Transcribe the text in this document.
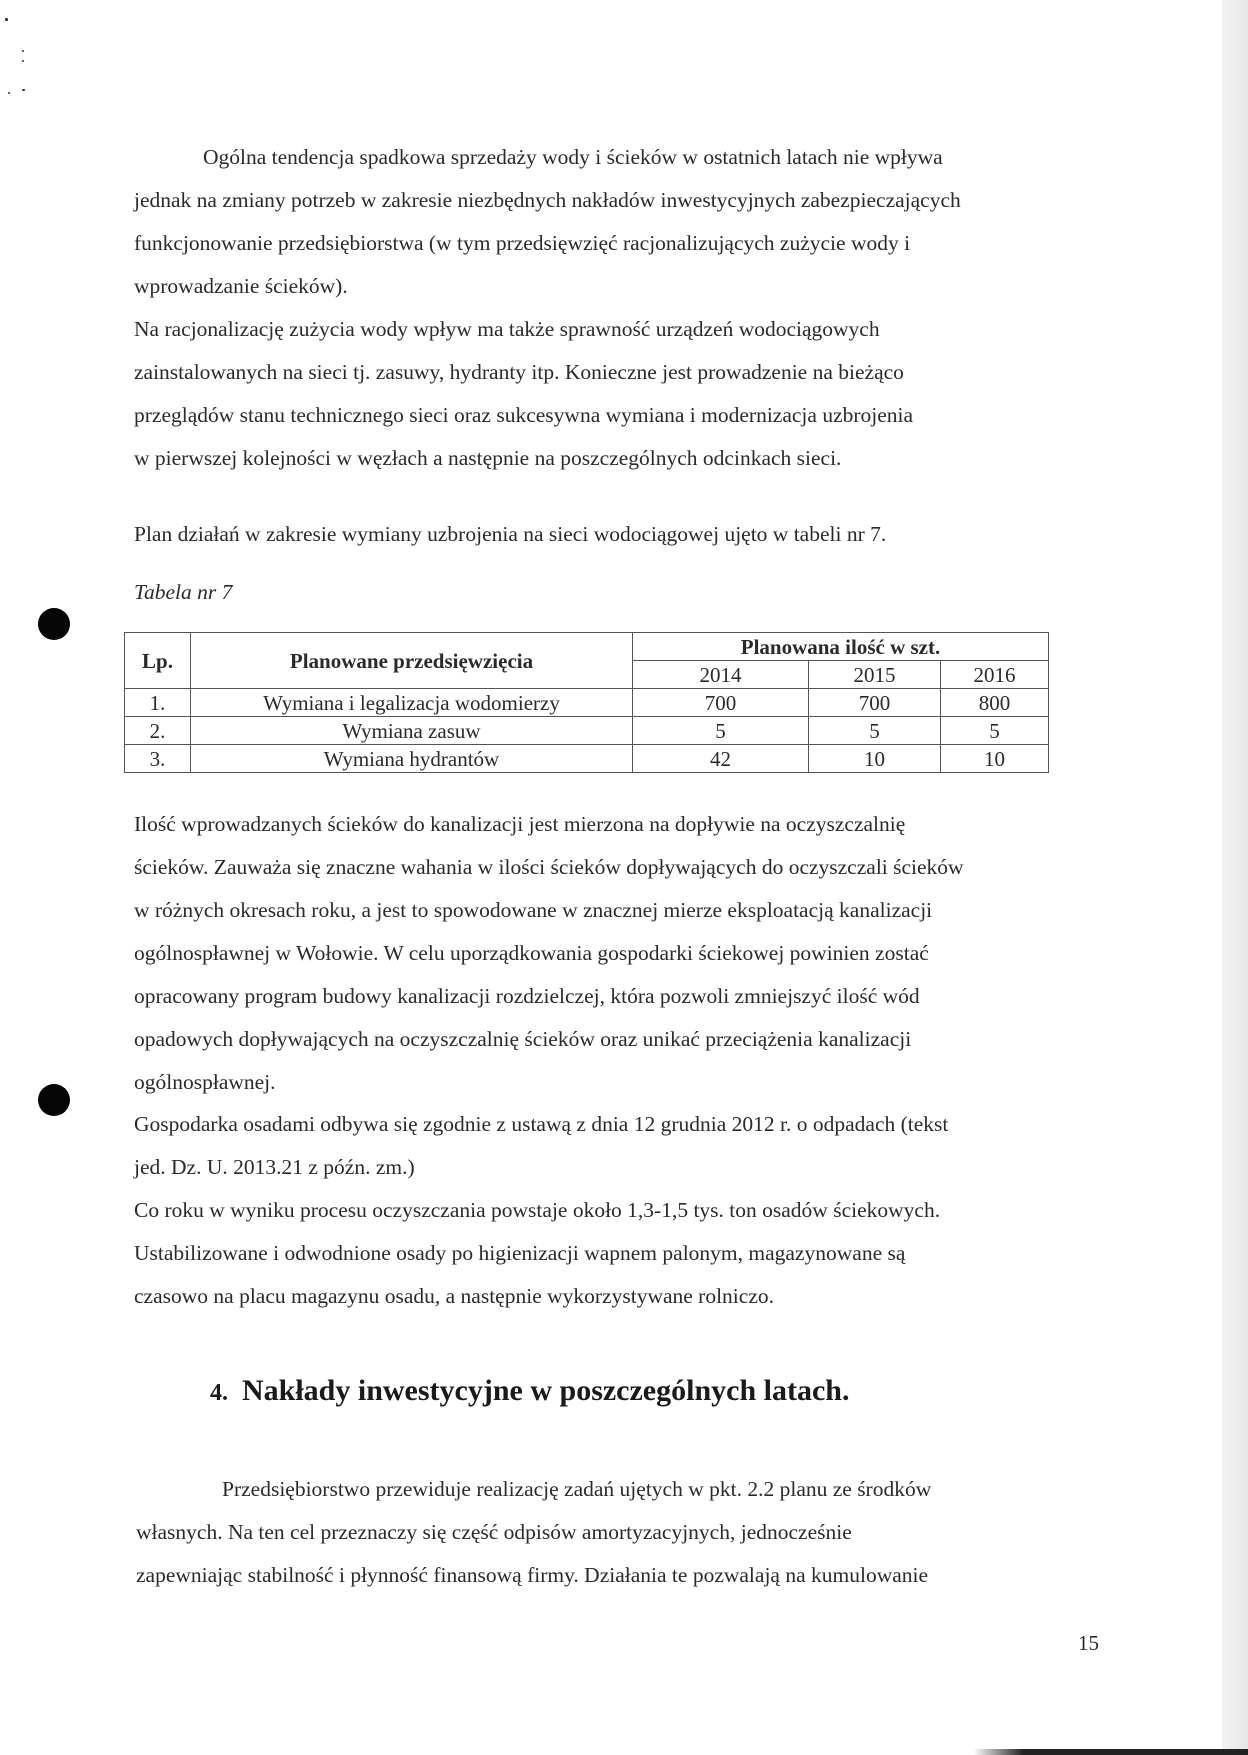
Ogólna tendencja spadkowa sprzedaży wody i ścieków w ostatnich latach nie wpływa
jednak na zmiany potrzeb w zakresie niezbędnych nakładów inwestycyjnych zabezpieczających
funkcjonowanie przedsiębiorstwa (w tym przedsięwzięć racjonalizujących zużycie wody i
wprowadzanie ścieków).
Na racjonalizację zużycia wody wpływ ma także sprawność urządzeń wodociągowych
zainstalowanych na sieci tj. zasuwy, hydranty itp. Konieczne jest prowadzenie na bieżąco
przeglądów stanu technicznego sieci oraz sukcesywna wymiana i modernizacja uzbrojenia
w pierwszej kolejności w węzłach a następnie na poszczególnych odcinkach sieci.
Plan działań w zakresie wymiany uzbrojenia na sieci wodociągowej ujęto w tabeli nr 7.
Tabela nr 7
Lp.	Planowane przedsięwzięcia	Planowana ilość w szt.		
		2014	2015	2016
1.	Wymiana i legalizacja wodomierzy	700	700	800
2.	Wymiana zasuw	5	5	5
3.	Wymiana hydrantów	42	10	10
Ilość wprowadzanych ścieków do kanalizacji jest mierzona na dopływie na oczyszczalnię
ścieków. Zauważa się znaczne wahania w ilości ścieków dopływających do oczyszczali ścieków
w różnych okresach roku, a jest to spowodowane w znacznej mierze eksploatacją kanalizacji
ogólnospławnej w Wołowie. W celu uporządkowania gospodarki ściekowej powinien zostać
opracowany program budowy kanalizacji rozdzielczej, która pozwoli zmniejszyć ilość wód
opadowych dopływających na oczyszczalnię ścieków oraz unikać przeciążenia kanalizacji
ogólnospławnej.
Gospodarka osadami odbywa się zgodnie z ustawą z dnia 12 grudnia 2012 r. o odpadach (tekst
jed. Dz. U. 2013.21 z późn. zm.)
Co roku w wyniku procesu oczyszczania powstaje około 1,3-1,5 tys. ton osadów ściekowych.
Ustabilizowane i odwodnione osady po higienizacji wapnem palonym, magazynowane są
czasowo na placu magazynu osadu, a następnie wykorzystywane rolniczo.
4. Nakłady inwestycyjne w poszczególnych latach.
Przedsiębiorstwo przewiduje realizację zadań ujętych w pkt. 2.2 planu ze środków
własnych. Na ten cel przeznaczy się część odpisów amortyzacyjnych, jednocześnie
zapewniając stabilność i płynność finansową firmy. Działania te pozwalają na kumulowanie
15
